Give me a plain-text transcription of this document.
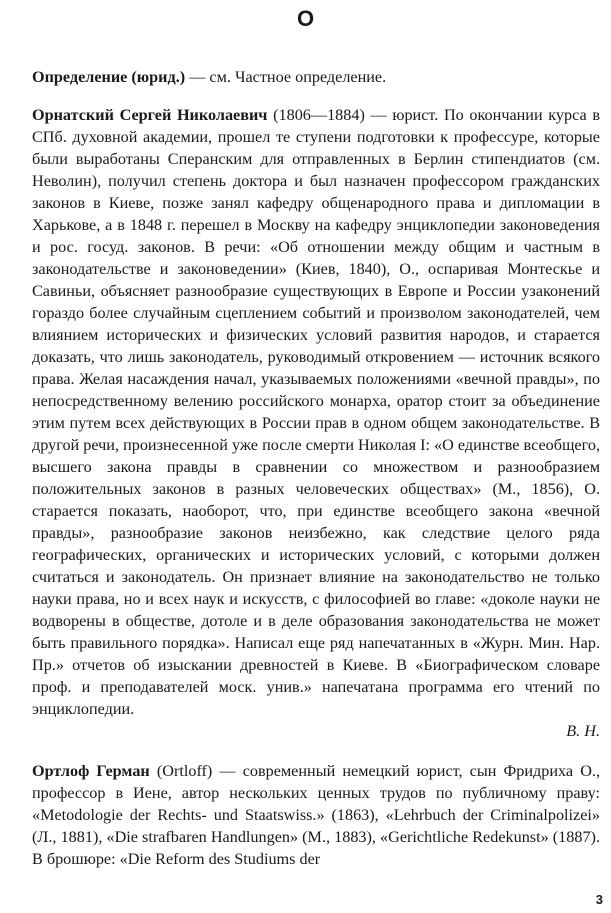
О

Определение (юрид.) — см. Частное определение.

Орнатский Сергей Николаевич (1806—1884) — юрист. По окончании курса в СПб. духовной академии, прошел те ступени подготовки к профессуре, которые были выработаны Сперанским для отправленных в Берлин стипендиатов (см. Неволин), получил степень доктора и был назначен профессором гражданских законов в Киеве, позже занял кафедру общенародного права и дипломации в Харькове, а в 1848 г. перешел в Москву на кафедру энциклопедии законоведения и рос. госуд. законов. В речи: «Об отношении между общим и частным в законодательстве и законоведении» (Киев, 1840), О., оспаривая Монтескье и Савиньи, объясняет разнообразие существующих в Европе и России узаконений гораздо более случайным сцеплением событий и произволом законодателей, чем влиянием исторических и физических условий развития народов, и старается доказать, что лишь законодатель, руководимый откровением — источник всякого права. Желая насаждения начал, указываемых положениями «вечной правды», по непосредственному велению российского монарха, оратор стоит за объединение этим путем всех действующих в России прав в одном общем законодательстве. В другой речи, произнесенной уже после смерти Николая I: «О единстве всеобщего, высшего закона правды в сравнении со множеством и разнообразием положительных законов в разных человеческих обществах» (М., 1856), О. старается показать, наоборот, что, при единстве всеобщего закона «вечной правды», разнообразие законов неизбежно, как следствие целого ряда географических, органических и исторических условий, с которыми должен считаться и законодатель. Он признает влияние на законодательство не только науки права, но и всех наук и искусств, с философией во главе: «доколе науки не водворены в обществе, дотоле и в деле образования законодательства не может быть правильного порядка». Написал еще ряд напечатанных в «Журн. Мин. Нар. Пр.» отчетов об изыскании древностей в Киеве. В «Биографическом словаре проф. и преподавателей моск. унив.» напечатана программа его чтений по энциклопедии.

В. Н.

Ортлоф Герман (Ortloff) — современный немецкий юрист, сын Фридриха О., профессор в Иене, автор нескольких ценных трудов по публичному праву: «Metodologie der Rechts- und Staatswiss.» (1863), «Lehrbuch der Criminalpolizei» (Л., 1881), «Die strafbaren Handlungen» (М., 1883), «Gerichtliche Redekunst» (1887). В брошюре: «Die Reform des Studiums der

3
